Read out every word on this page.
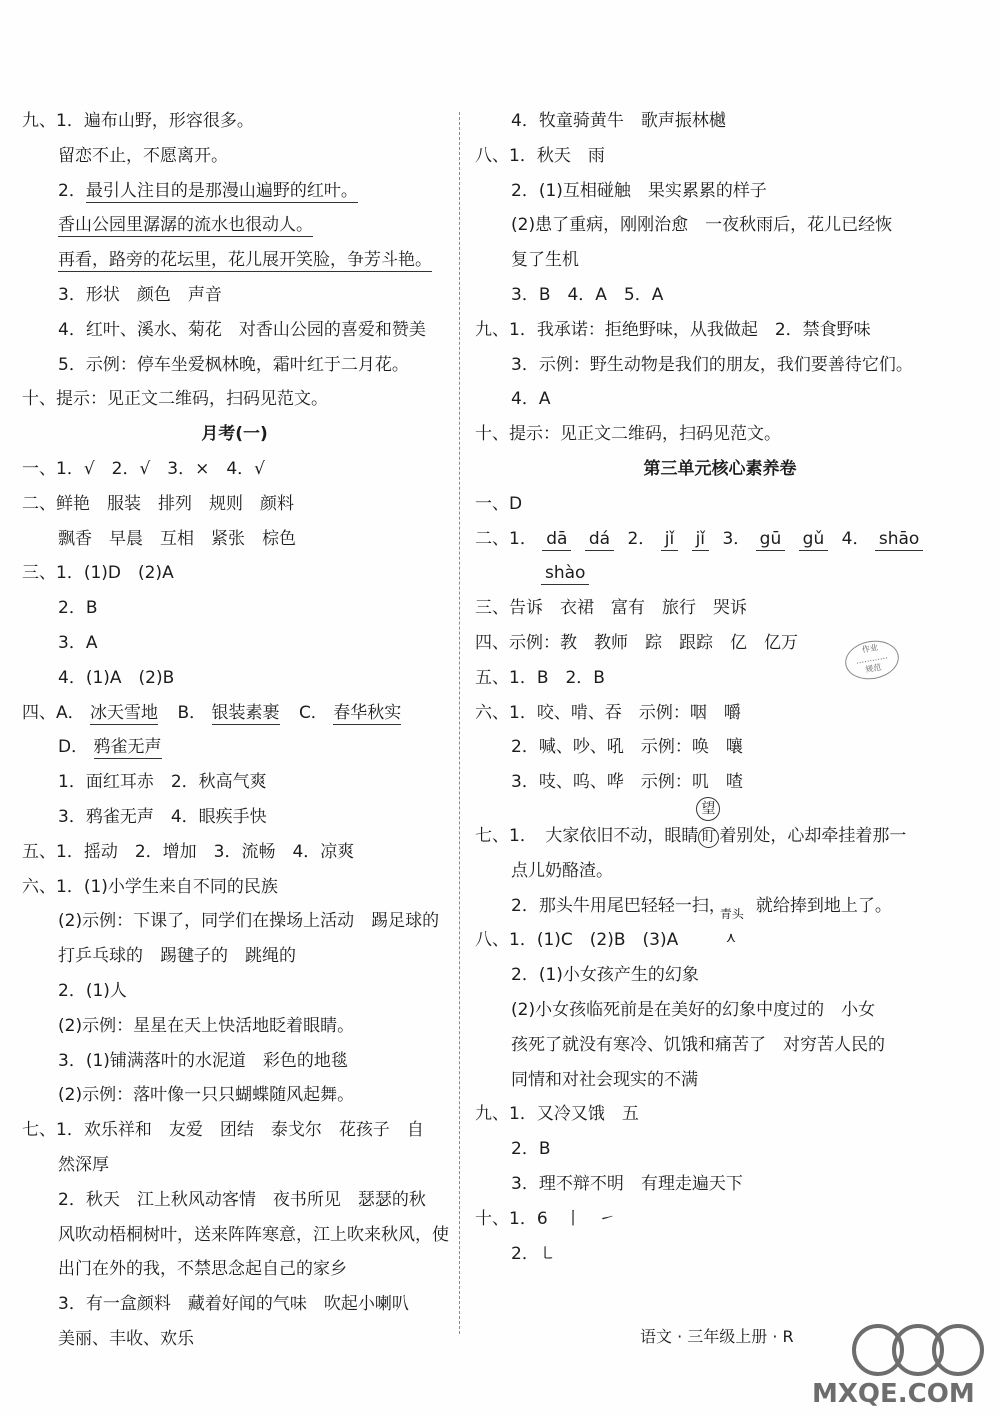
九、1．遍布山野，形容很多。
留恋不止，不愿离开。
2．最引人注目的是那漫山遍野的红叶。
香山公园里潺潺的流水也很动人。
再看，路旁的花坛里，花儿展开笑脸，争芳斗艳。
3．形状　颜色　声音
4．红叶、溪水、菊花　对香山公园的喜爱和赞美
5．示例：停车坐爱枫林晚，霜叶红于二月花。
十、提示：见正文二维码，扫码见范文。
月考(一)
一、1．√　2．√　3．×　4．√
二、鲜艳　服装　排列　规则　颜料
飘香　早晨　互相　紧张　棕色
三、1．(1)D　(2)A
2．B
3．A
4．(1)A　(2)B
四、A． 冰天雪地 B． 银装素裹 C． 春华秋实
D． 鸦雀无声
1．面红耳赤　2．秋高气爽
3．鸦雀无声　4．眼疾手快
五、1．摇动　2．增加　3．流畅　4．凉爽
六、1．(1)小学生来自不同的民族
(2)示例：下课了，同学们在操场上活动　踢足球的
打乒乓球的　踢毽子的　跳绳的
2．(1)人
(2)示例：星星在天上快活地眨着眼睛。
3．(1)铺满落叶的水泥道　彩色的地毯
(2)示例：落叶像一只只蝴蝶随风起舞。
七、1．欢乐祥和　友爱　团结　泰戈尔　花孩子　自
然深厚
2．秋天　江上秋风动客情　夜书所见　瑟瑟的秋
风吹动梧桐树叶，送来阵阵寒意，江上吹来秋风，使
出门在外的我，不禁思念起自己的家乡
3．有一盒颜料　藏着好闻的气味　吹起小喇叭
美丽、丰收、欢乐
4．牧童骑黄牛　歌声振林樾
八、1．秋天　雨
2．(1)互相碰触　果实累累的样子
(2)患了重病，刚刚治愈　一夜秋雨后，花儿已经恢
复了生机
3．B　4．A　5．A
九、1．我承诺：拒绝野味，从我做起　2．禁食野味
3．示例：野生动物是我们的朋友，我们要善待它们。
4．A
十、提示：见正文二维码，扫码见范文。
第三单元核心素养卷
一、D
二、1． dā dá 2． jǐ jǐ 3． gū gǔ 4． shāo
shào
三、告诉　衣裙　富有　旅行　哭诉
四、示例：教　教师　踪　跟踪　亿　亿万
五、1．B　2．B
六、1．咬、啃、吞　示例：咽　嚼
2．喊、吵、吼　示例：唤　嚷
3．吱、呜、哗　示例：叽　喳
七、1．　大家依旧不动，眼睛 盯
望
着别处，心却牵挂着那一
点儿奶酪渣。
2．那头牛用尾巴轻轻一扫，
青头
⋏
就给捧到地上了。
八、1．(1)C　(2)B　(3)A
2．(1)小女孩产生的幻象
(2)小女孩临死前是在美好的幻象中度过的　小女
孩死了就没有寒冷、饥饿和痛苦了　对穷苦人民的
同情和对社会现实的不满
九、1．又冷又饿　五
2．B
3．理不辩不明　有理走遍天下
十、1．6　丨　㇀
2．㇄
作业
…………
规范
语文 · 三年级上册 · R
MXQE.COM
